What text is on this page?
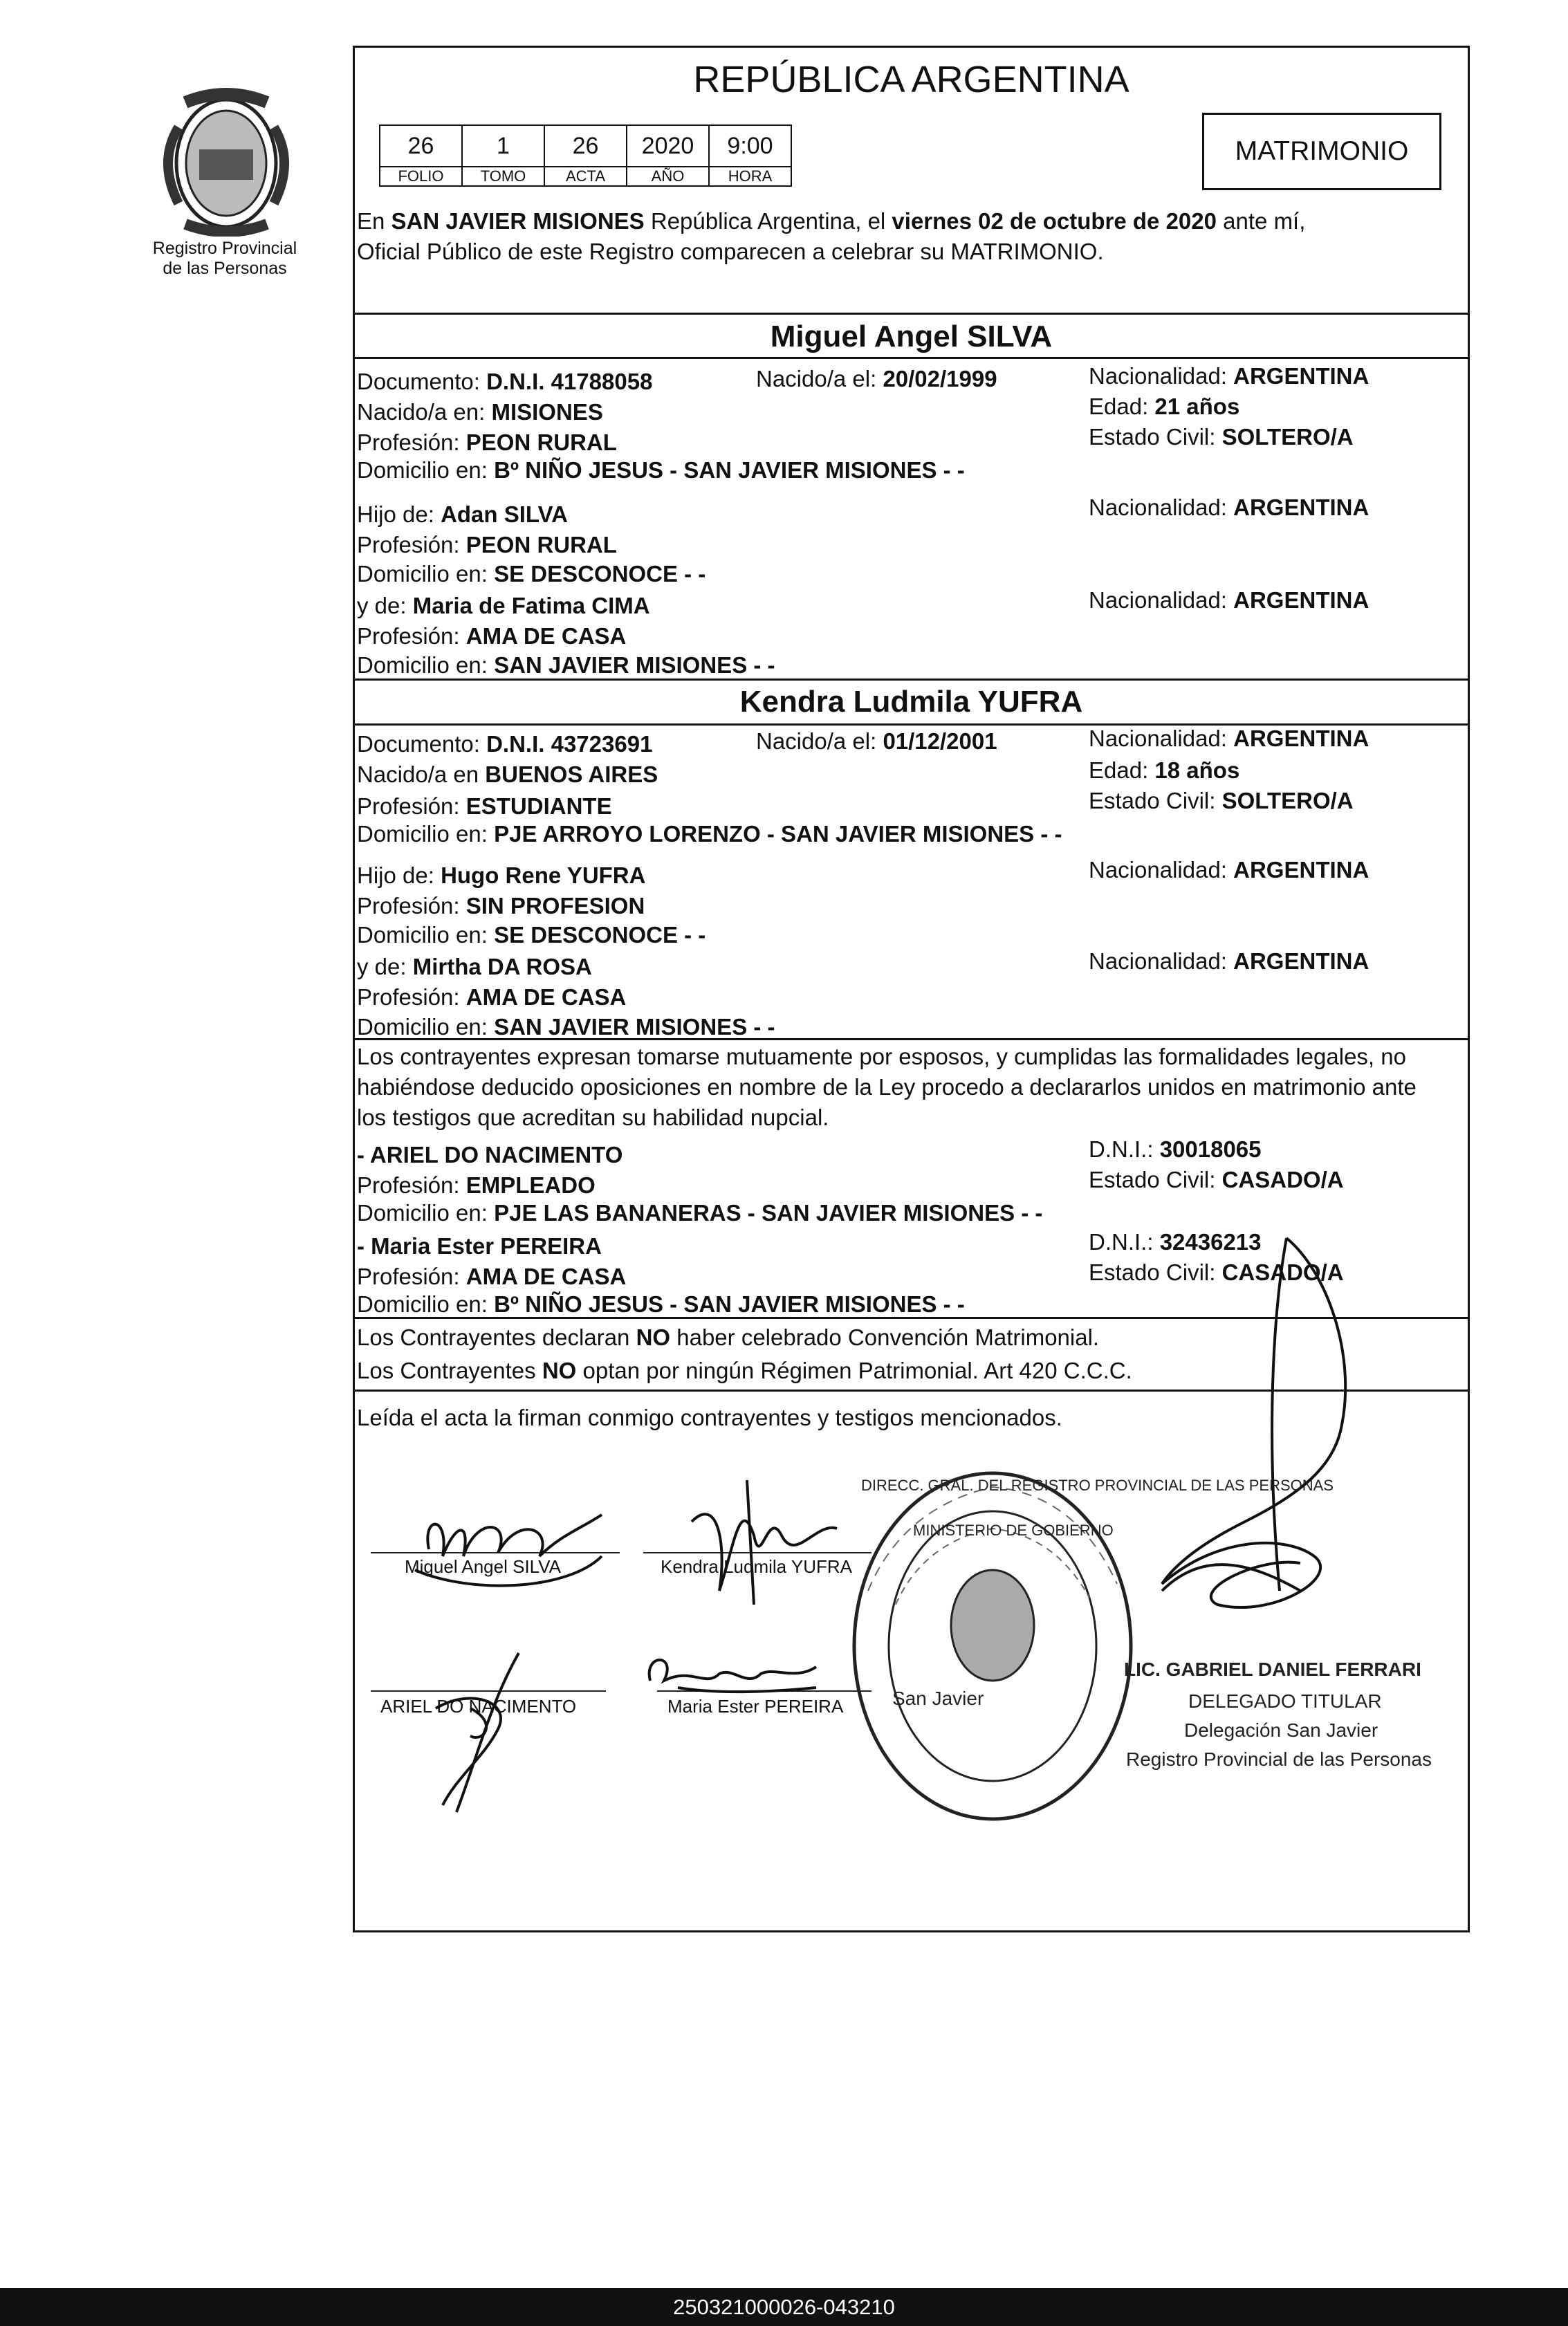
Registro Provincial
de las Personas
REPÚBLICA ARGENTINA
26	1	26	2020	9:00
FOLIO	TOMO	ACTA	AÑO	HORA
MATRIMONIO
En SAN JAVIER MISIONES República Argentina, el viernes 02 de octubre de 2020 ante mí,
Oficial Público de este Registro comparecen a celebrar su MATRIMONIO.
Miguel Angel SILVA
Documento: D.N.I. 41788058	Nacido/a el: 20/02/1999	Nacionalidad: ARGENTINA
Nacido/a en: MISIONES	Edad: 21 años
Profesión: PEON RURAL	Estado Civil: SOLTERO/A
Domicilio en: Bº NIÑO JESUS - SAN JAVIER MISIONES - -
Hijo de: Adan SILVA	Nacionalidad: ARGENTINA
Profesión: PEON RURAL
Domicilio en: SE DESCONOCE - -
y de: Maria de Fatima CIMA	Nacionalidad: ARGENTINA
Profesión: AMA DE CASA
Domicilio en: SAN JAVIER MISIONES - -
Kendra Ludmila YUFRA
Documento: D.N.I. 43723691	Nacido/a el: 01/12/2001	Nacionalidad: ARGENTINA
Nacido/a en BUENOS AIRES	Edad: 18 años
Profesión: ESTUDIANTE	Estado Civil: SOLTERO/A
Domicilio en: PJE ARROYO LORENZO - SAN JAVIER MISIONES - -
Hijo de: Hugo Rene YUFRA	Nacionalidad: ARGENTINA
Profesión: SIN PROFESION
Domicilio en: SE DESCONOCE - -
y de: Mirtha DA ROSA	Nacionalidad: ARGENTINA
Profesión: AMA DE CASA
Domicilio en: SAN JAVIER MISIONES - -
Los contrayentes expresan tomarse mutuamente por esposos, y cumplidas las formalidades legales, no
habiéndose deducido oposiciones en nombre de la Ley procedo a declararlos unidos en matrimonio ante
los testigos que acreditan su habilidad nupcial.
- ARIEL DO NACIMENTO	D.N.I.: 30018065
Profesión: EMPLEADO	Estado Civil: CASADO/A
Domicilio en: PJE LAS BANANERAS - SAN JAVIER MISIONES - -
- Maria Ester PEREIRA	D.N.I.: 32436213
Profesión: AMA DE CASA	Estado Civil: CASADO/A
Domicilio en: Bº NIÑO JESUS - SAN JAVIER MISIONES - -
Los Contrayentes declaran NO haber celebrado Convención Matrimonial.
Los Contrayentes NO optan por ningún Régimen Patrimonial. Art 420 C.C.C.
Leída el acta la firman conmigo contrayentes y testigos mencionados.
Miguel Angel SILVA	Kendra Ludmila YUFRA
ARIEL DO NACIMENTO	Maria Ester PEREIRA	San Javier
DIRECC. GRAL. DEL REGISTRO PROVINCIAL DE LAS PERSONAS
MINISTERIO DE GOBIERNO
LIC. GABRIEL DANIEL FERRARI
DELEGADO TITULAR
Delegación San Javier
Registro Provincial de las Personas
250321000026-043210
